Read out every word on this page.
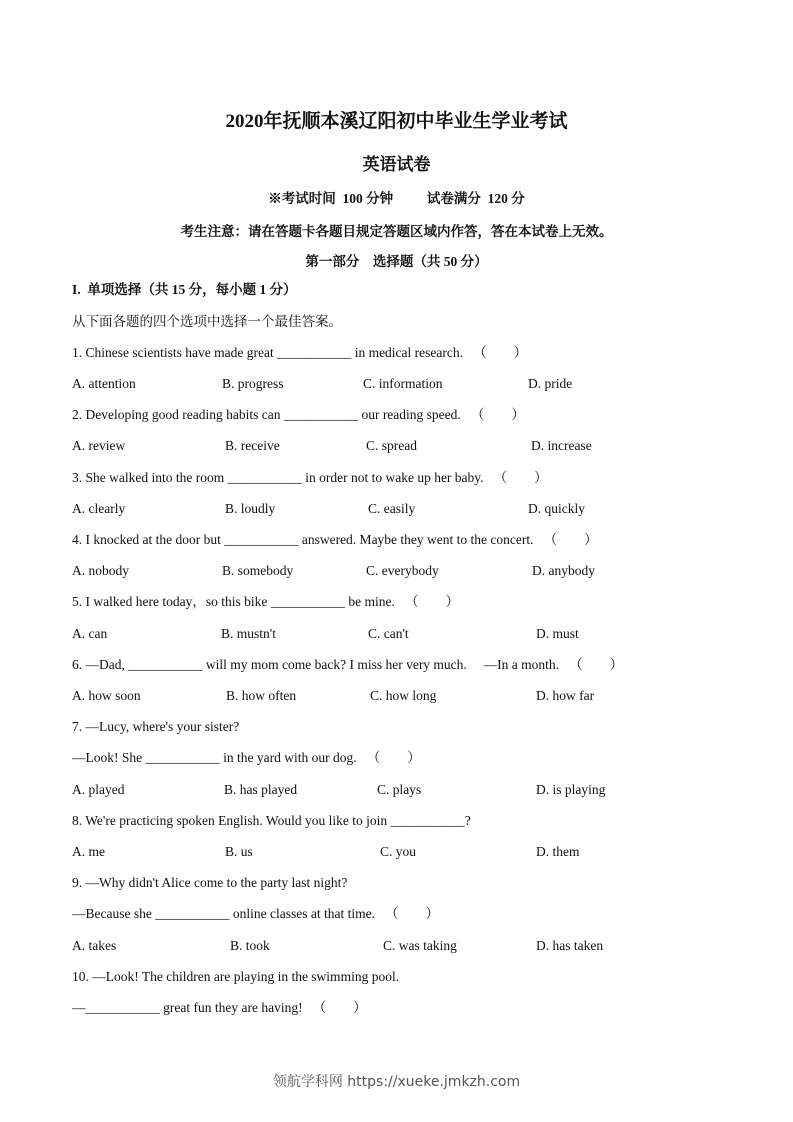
2020年抚顺本溪辽阳初中毕业生学业考试
英语试卷
※考试时间  100 分钟          试卷满分  120 分
考生注意：请在答题卡各题目规定答题区域内作答，答在本试卷上无效。
第一部分    选择题（共 50 分）
I.  单项选择（共 15 分，每小题 1 分）
从下面各题的四个选项中选择一个最佳答案。
1. Chinese scientists have made great ___________ in medical research.   （        ）
A. attention	B. progress	C. information	D. pride
2. Developing good reading habits can ___________ our reading speed.   （        ）
A. review	B. receive	C. spread	D. increase
3. She walked into the room ___________ in order not to wake up her baby.   （        ）
A. clearly	B. loudly	C. easily	D. quickly
4. I knocked at the door but ___________ answered. Maybe they went to the concert.   （        ）
A. nobody	B. somebody	C. everybody	D. anybody
5. I walked here today，so this bike ___________ be mine.   （        ）
A. can	B. mustn't	C. can't	D. must
6. —Dad, ___________ will my mom come back? I miss her very much.     —In a month.   （        ）
A. how soon	B. how often	C. how long	D. how far
7. —Lucy, where's your sister?
—Look! She ___________ in the yard with our dog.   （        ）
A. played	B. has played	C. plays	D. is playing
8. We're practicing spoken English. Would you like to join ___________?
A. me	B. us	C. you	D. them
9. —Why didn't Alice come to the party last night?
—Because she ___________ online classes at that time.   （        ）
A. takes	B. took	C. was taking	D. has taken
10. —Look! The children are playing in the swimming pool.
—___________ great fun they are having!   （        ）
领航学科网 https://xueke.jmkzh.com
